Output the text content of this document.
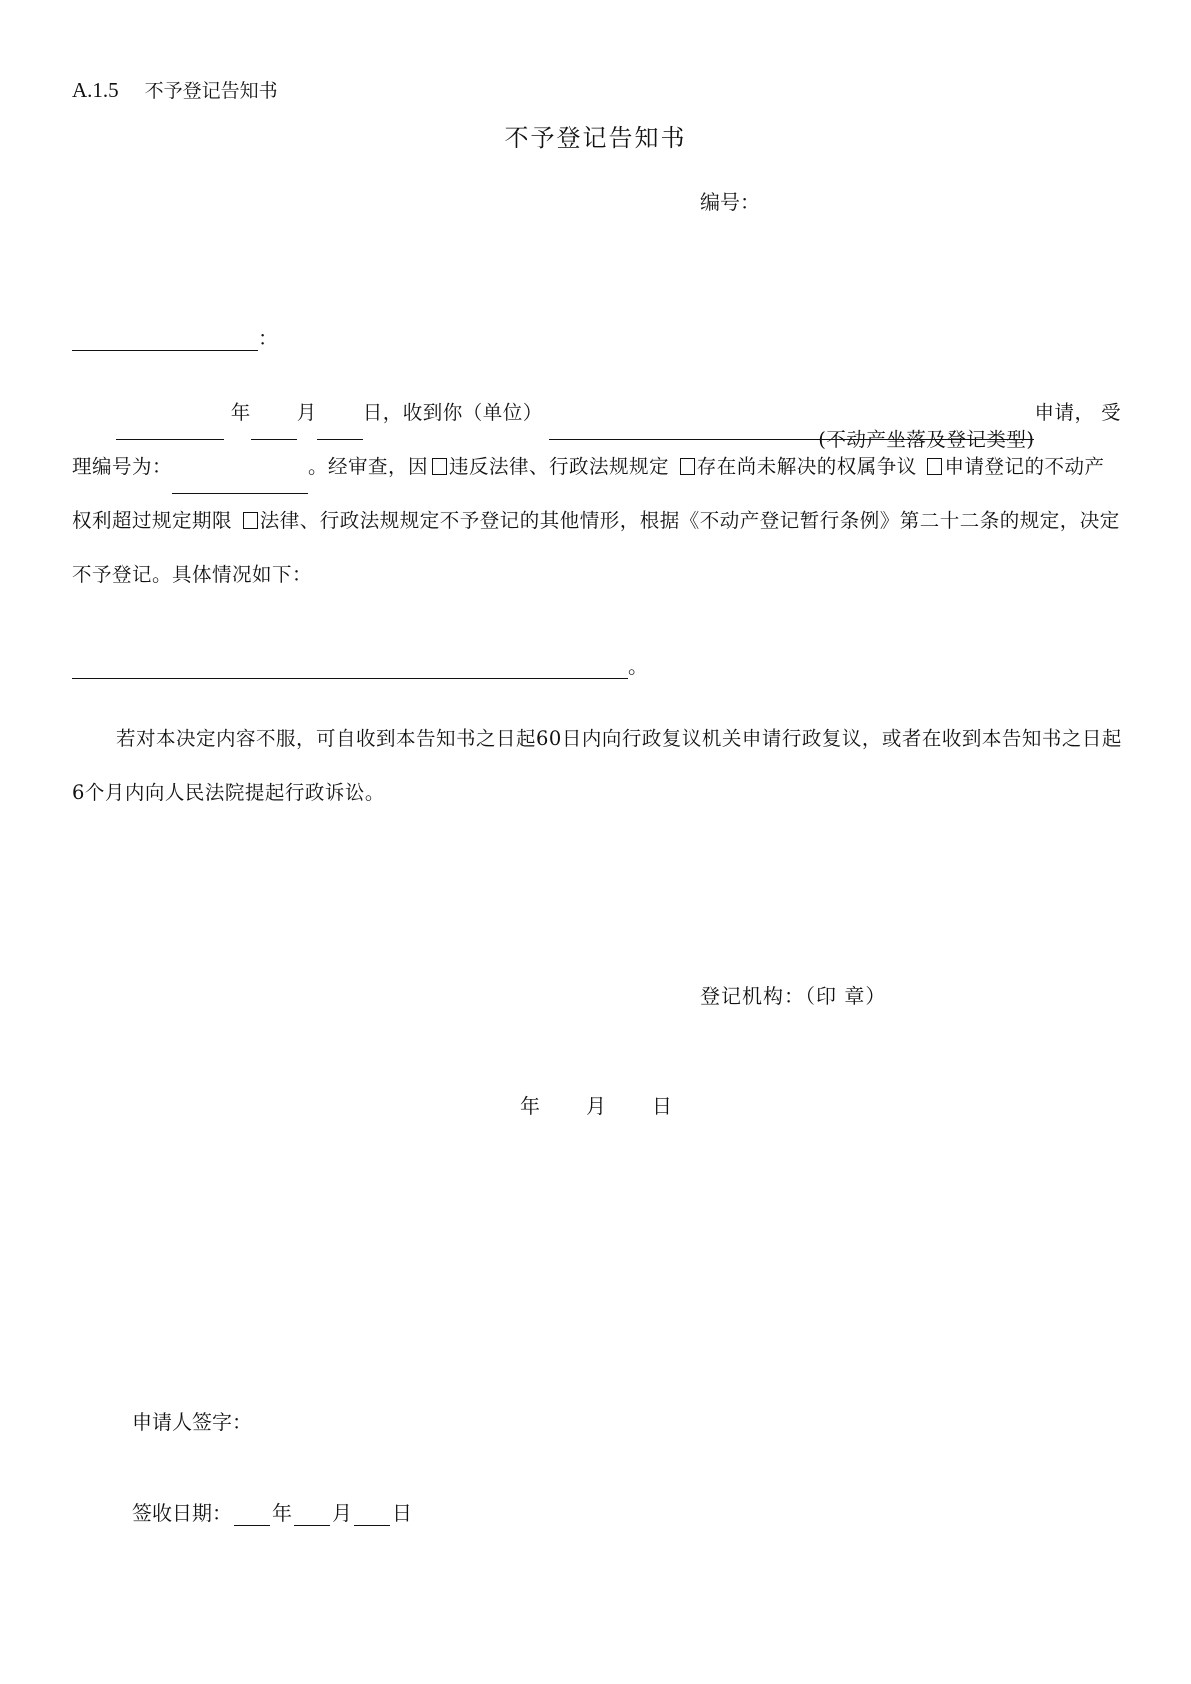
A.1.5 不予登记告知书
不予登记告知书
编号：
：
年 月 日，收到你（单位） (不动产坐落及登记类型)申请， 受理编号为：	。经审查，因 违反法律、行政法规规定 存在尚未解决的权属争议 申请登记的不动产权利超过规定期限 法律、行政法规规定不予登记的其他情形，根据《不动产登记暂行条例》第二十二条的规定，决定不予登记。具体情况如下：
。
若对本决定内容不服，可自收到本告知书之日起60日内向行政复议机关申请行政复议，或者在收到本告知书之日起6个月内向人民法院提起行政诉讼。
登记机构：（印 章）
年 月 日
申请人签字：
签收日期： 年 月 日
